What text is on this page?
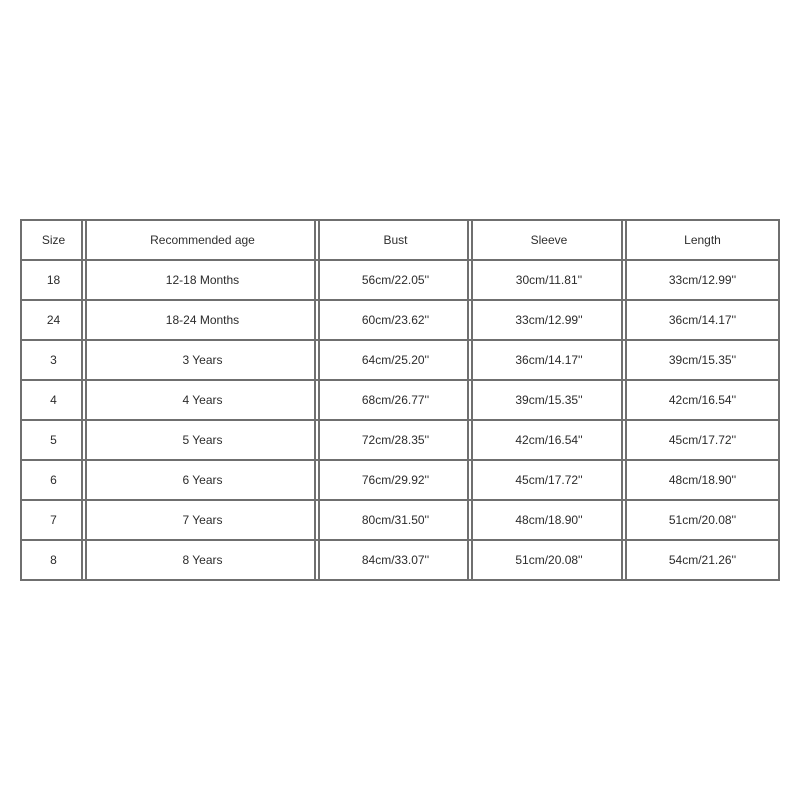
Size	Recommended age	Bust	Sleeve	Length
18	12-18 Months	56cm/22.05''	30cm/11.81''	33cm/12.99''
24	18-24 Months	60cm/23.62''	33cm/12.99''	36cm/14.17''
3	3 Years	64cm/25.20''	36cm/14.17''	39cm/15.35''
4	4 Years	68cm/26.77''	39cm/15.35''	42cm/16.54''
5	5 Years	72cm/28.35''	42cm/16.54''	45cm/17.72''
6	6 Years	76cm/29.92''	45cm/17.72''	48cm/18.90''
7	7 Years	80cm/31.50''	48cm/18.90''	51cm/20.08''
8	8 Years	84cm/33.07''	51cm/20.08''	54cm/21.26''
